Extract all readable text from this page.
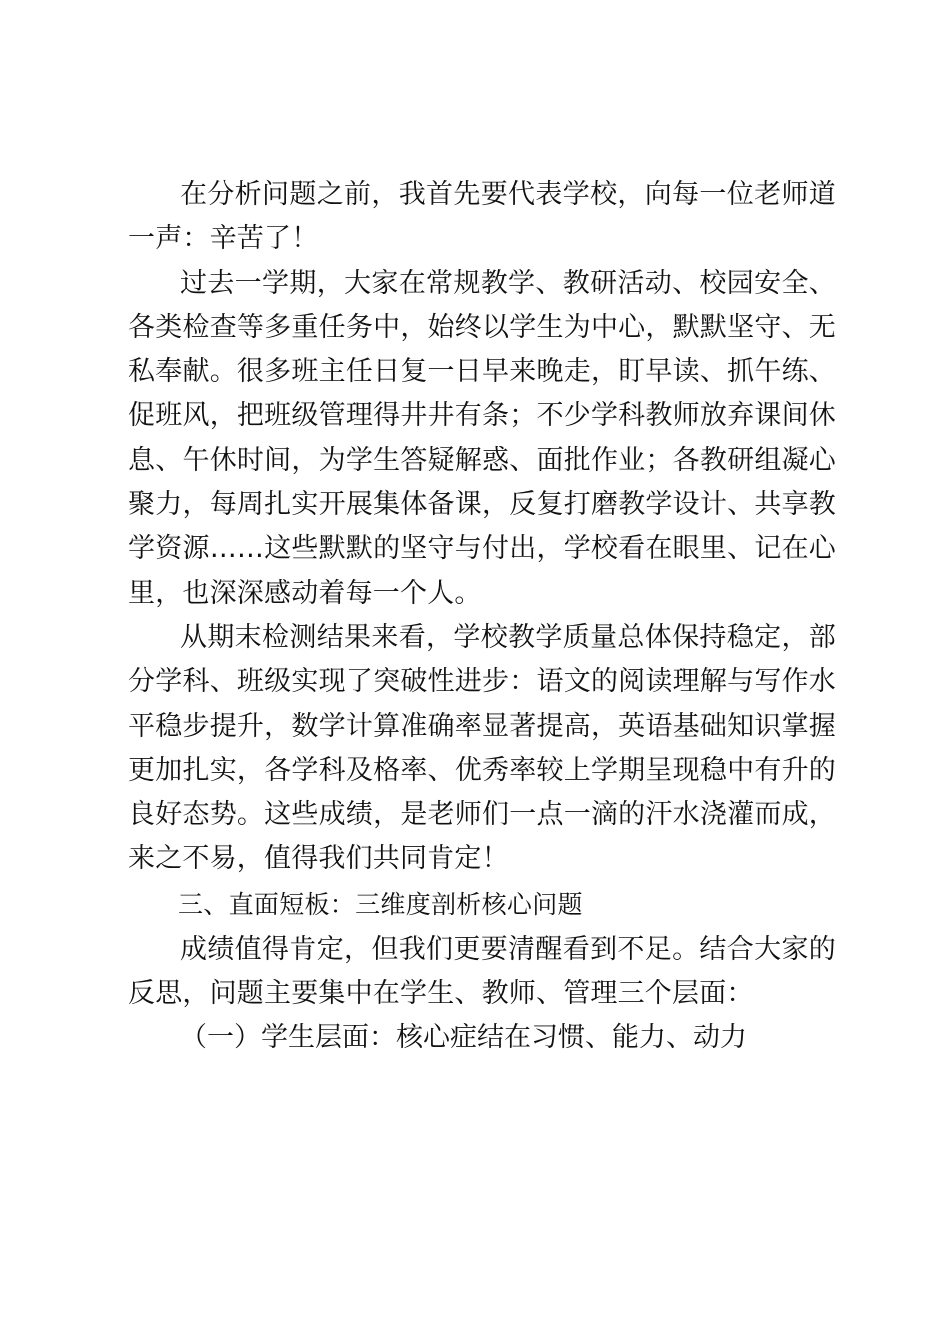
在分析问题之前，我首先要代表学校，向每一位老师道一声：辛苦了！

过去一学期，大家在常规教学、教研活动、校园安全、各类检查等多重任务中，始终以学生为中心，默默坚守、无私奉献。很多班主任日复一日早来晚走，盯早读、抓午练、促班风，把班级管理得井井有条；不少学科教师放弃课间休息、午休时间，为学生答疑解惑、面批作业；各教研组凝心聚力，每周扎实开展集体备课，反复打磨教学设计、共享教学资源……这些默默的坚守与付出，学校看在眼里、记在心里，也深深感动着每一个人。

从期末检测结果来看，学校教学质量总体保持稳定，部分学科、班级实现了突破性进步：语文的阅读理解与写作水平稳步提升，数学计算准确率显著提高，英语基础知识掌握更加扎实，各学科及格率、优秀率较上学期呈现稳中有升的良好态势。这些成绩，是老师们一点一滴的汗水浇灌而成，来之不易，值得我们共同肯定！

三、直面短板：三维度剖析核心问题

成绩值得肯定，但我们更要清醒看到不足。结合大家的反思，问题主要集中在学生、教师、管理三个层面：

（一）学生层面：核心症结在习惯、能力、动力
